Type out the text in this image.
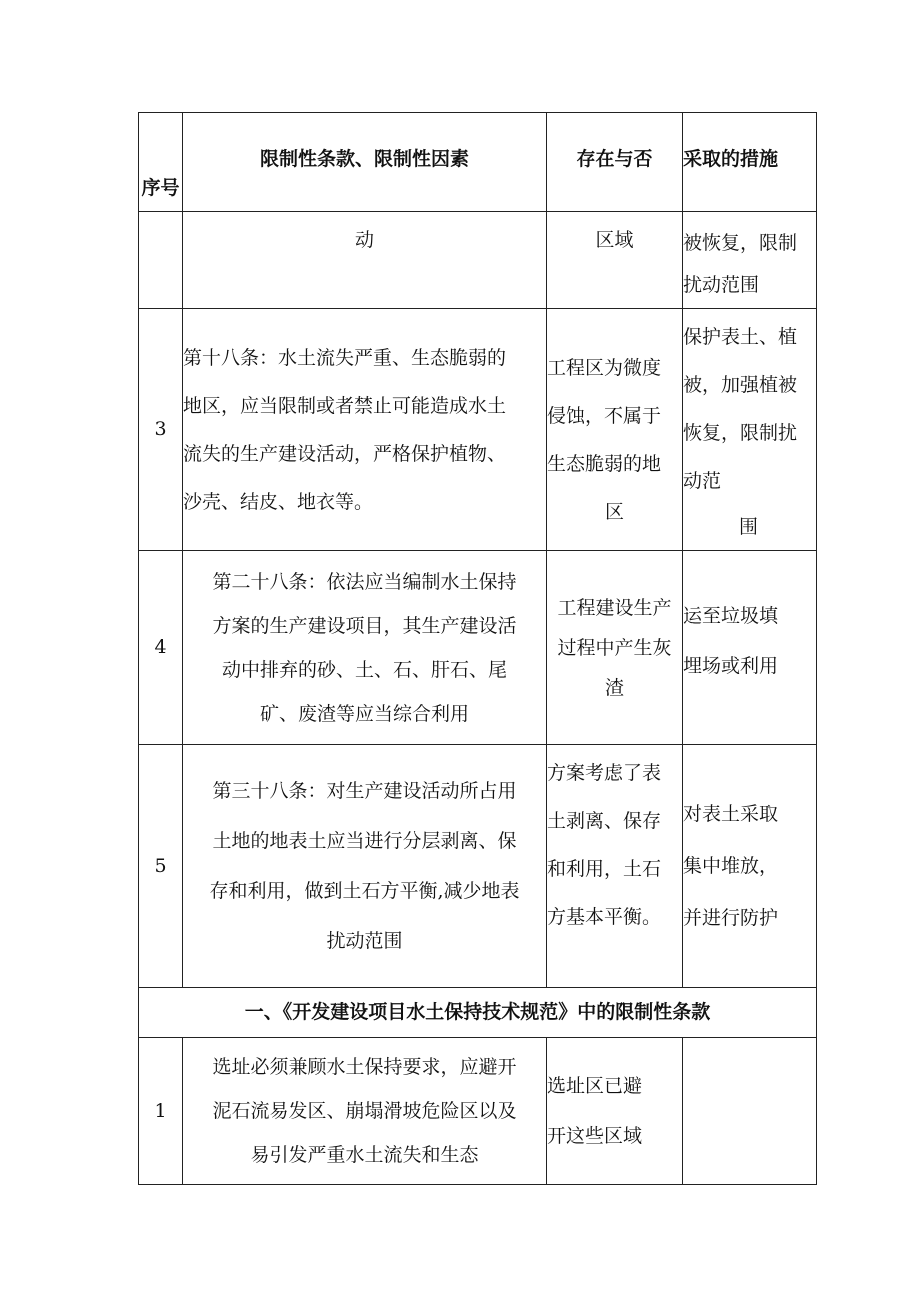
序号	限制性条款、限制性因素	存在与否	采取的措施

	动	区域	被恢复，限制
扰动范围

3	第十八条：水土流失严重、生态脆弱的
地区，应当限制或者禁止可能造成水土
流失的生产建设活动，严格保护植物、
沙壳、结皮、地衣等。	工程区为微度
侵蚀，不属于
生态脆弱的地
区	保护表土、植
被，加强植被
恢复，限制扰
动范
围

4	第二十八条：依法应当编制水土保持
方案的生产建设项目，其生产建设活
动中排弃的砂、土、石、肝石、尾
矿、废渣等应当综合利用	工程建设生产
过程中产生灰
渣	运至垃圾填
埋场或利用

5	第三十八条：对生产建设活动所占用
土地的地表土应当进行分层剥离、保
存和利用，做到土石方平衡,减少地表
扰动范围	方案考虑了表
土剥离、保存
和利用，土石
方基本平衡。	对表土采取
集中堆放，
并进行防护

一、《开发建设项目水土保持技术规范》中的限制性条款			
1	选址必须兼顾水土保持要求，应避开
泥石流易发区、崩塌滑坡危险区以及
易引发严重水土流失和生态	选址区已避
开这些区域	
